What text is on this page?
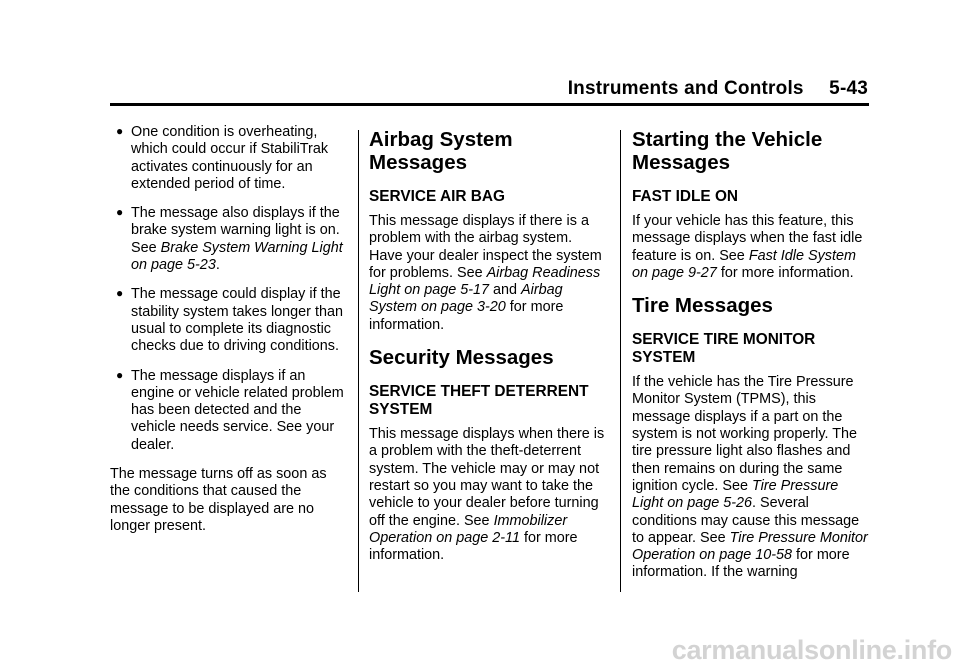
Instruments and Controls 5-43
● One condition is overheating, which could occur if StabiliTrak activates continuously for an extended period of time.
● The message also displays if the brake system warning light is on. See Brake System Warning Light on page 5-23.
● The message could display if the stability system takes longer than usual to complete its diagnostic checks due to driving conditions.
● The message displays if an engine or vehicle related problem has been detected and the vehicle needs service. See your dealer.

The message turns off as soon as the conditions that caused the message to be displayed are no longer present.

Airbag System Messages
SERVICE AIR BAG

This message displays if there is a problem with the airbag system. Have your dealer inspect the system for problems. See Airbag Readiness Light on page 5-17 and Airbag System on page 3-20 for more information.

Security Messages
SERVICE THEFT DETERRENT SYSTEM

This message displays when there is a problem with the theft-deterrent system. The vehicle may or may not restart so you may want to take the vehicle to your dealer before turning off the engine. See Immobilizer Operation on page 2-11 for more information.

Starting the Vehicle Messages
FAST IDLE ON

If your vehicle has this feature, this message displays when the fast idle feature is on. See Fast Idle System on page 9-27 for more information.

Tire Messages
SERVICE TIRE MONITOR SYSTEM

If the vehicle has the Tire Pressure Monitor System (TPMS), this message displays if a part on the system is not working properly. The tire pressure light also flashes and then remains on during the same ignition cycle. See Tire Pressure Light on page 5-26. Several conditions may cause this message to appear. See Tire Pressure Monitor Operation on page 10-58 for more information. If the warning

carmanualsonline.info
